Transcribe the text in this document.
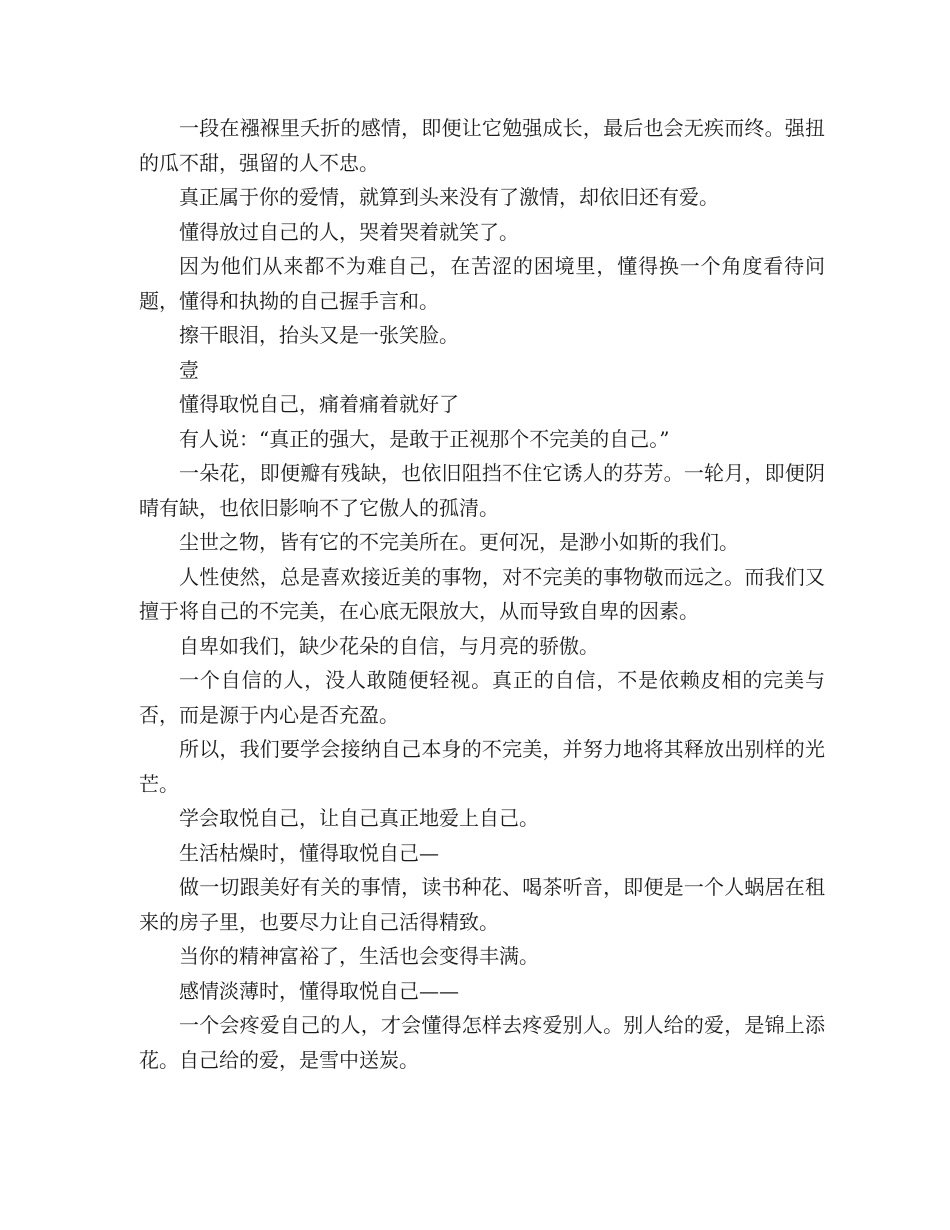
一段在襁褓里夭折的感情，即便让它勉强成长，最后也会无疾而终。强扭的瓜不甜，强留的人不忠。

真正属于你的爱情，就算到头来没有了激情，却依旧还有爱。

懂得放过自己的人，哭着哭着就笑了。

因为他们从来都不为难自己，在苦涩的困境里，懂得换一个角度看待问题，懂得和执拗的自己握手言和。

擦干眼泪，抬头又是一张笑脸。

壹

懂得取悦自己，痛着痛着就好了

有人说：“真正的强大，是敢于正视那个不完美的自己。”

一朵花，即便瓣有残缺，也依旧阻挡不住它诱人的芬芳。一轮月，即便阴晴有缺，也依旧影响不了它傲人的孤清。

尘世之物，皆有它的不完美所在。更何况，是渺小如斯的我们。

人性使然，总是喜欢接近美的事物，对不完美的事物敬而远之。而我们又擅于将自己的不完美，在心底无限放大，从而导致自卑的因素。

自卑如我们，缺少花朵的自信，与月亮的骄傲。

一个自信的人，没人敢随便轻视。真正的自信，不是依赖皮相的完美与否，而是源于内心是否充盈。

所以，我们要学会接纳自己本身的不完美，并努力地将其释放出别样的光芒。

学会取悦自己，让自己真正地爱上自己。

生活枯燥时，懂得取悦自己—

做一切跟美好有关的事情，读书种花、喝茶听音，即便是一个人蜗居在租来的房子里，也要尽力让自己活得精致。

当你的精神富裕了，生活也会变得丰满。

感情淡薄时，懂得取悦自己——

一个会疼爱自己的人，才会懂得怎样去疼爱别人。别人给的爱，是锦上添花。自己给的爱，是雪中送炭。
